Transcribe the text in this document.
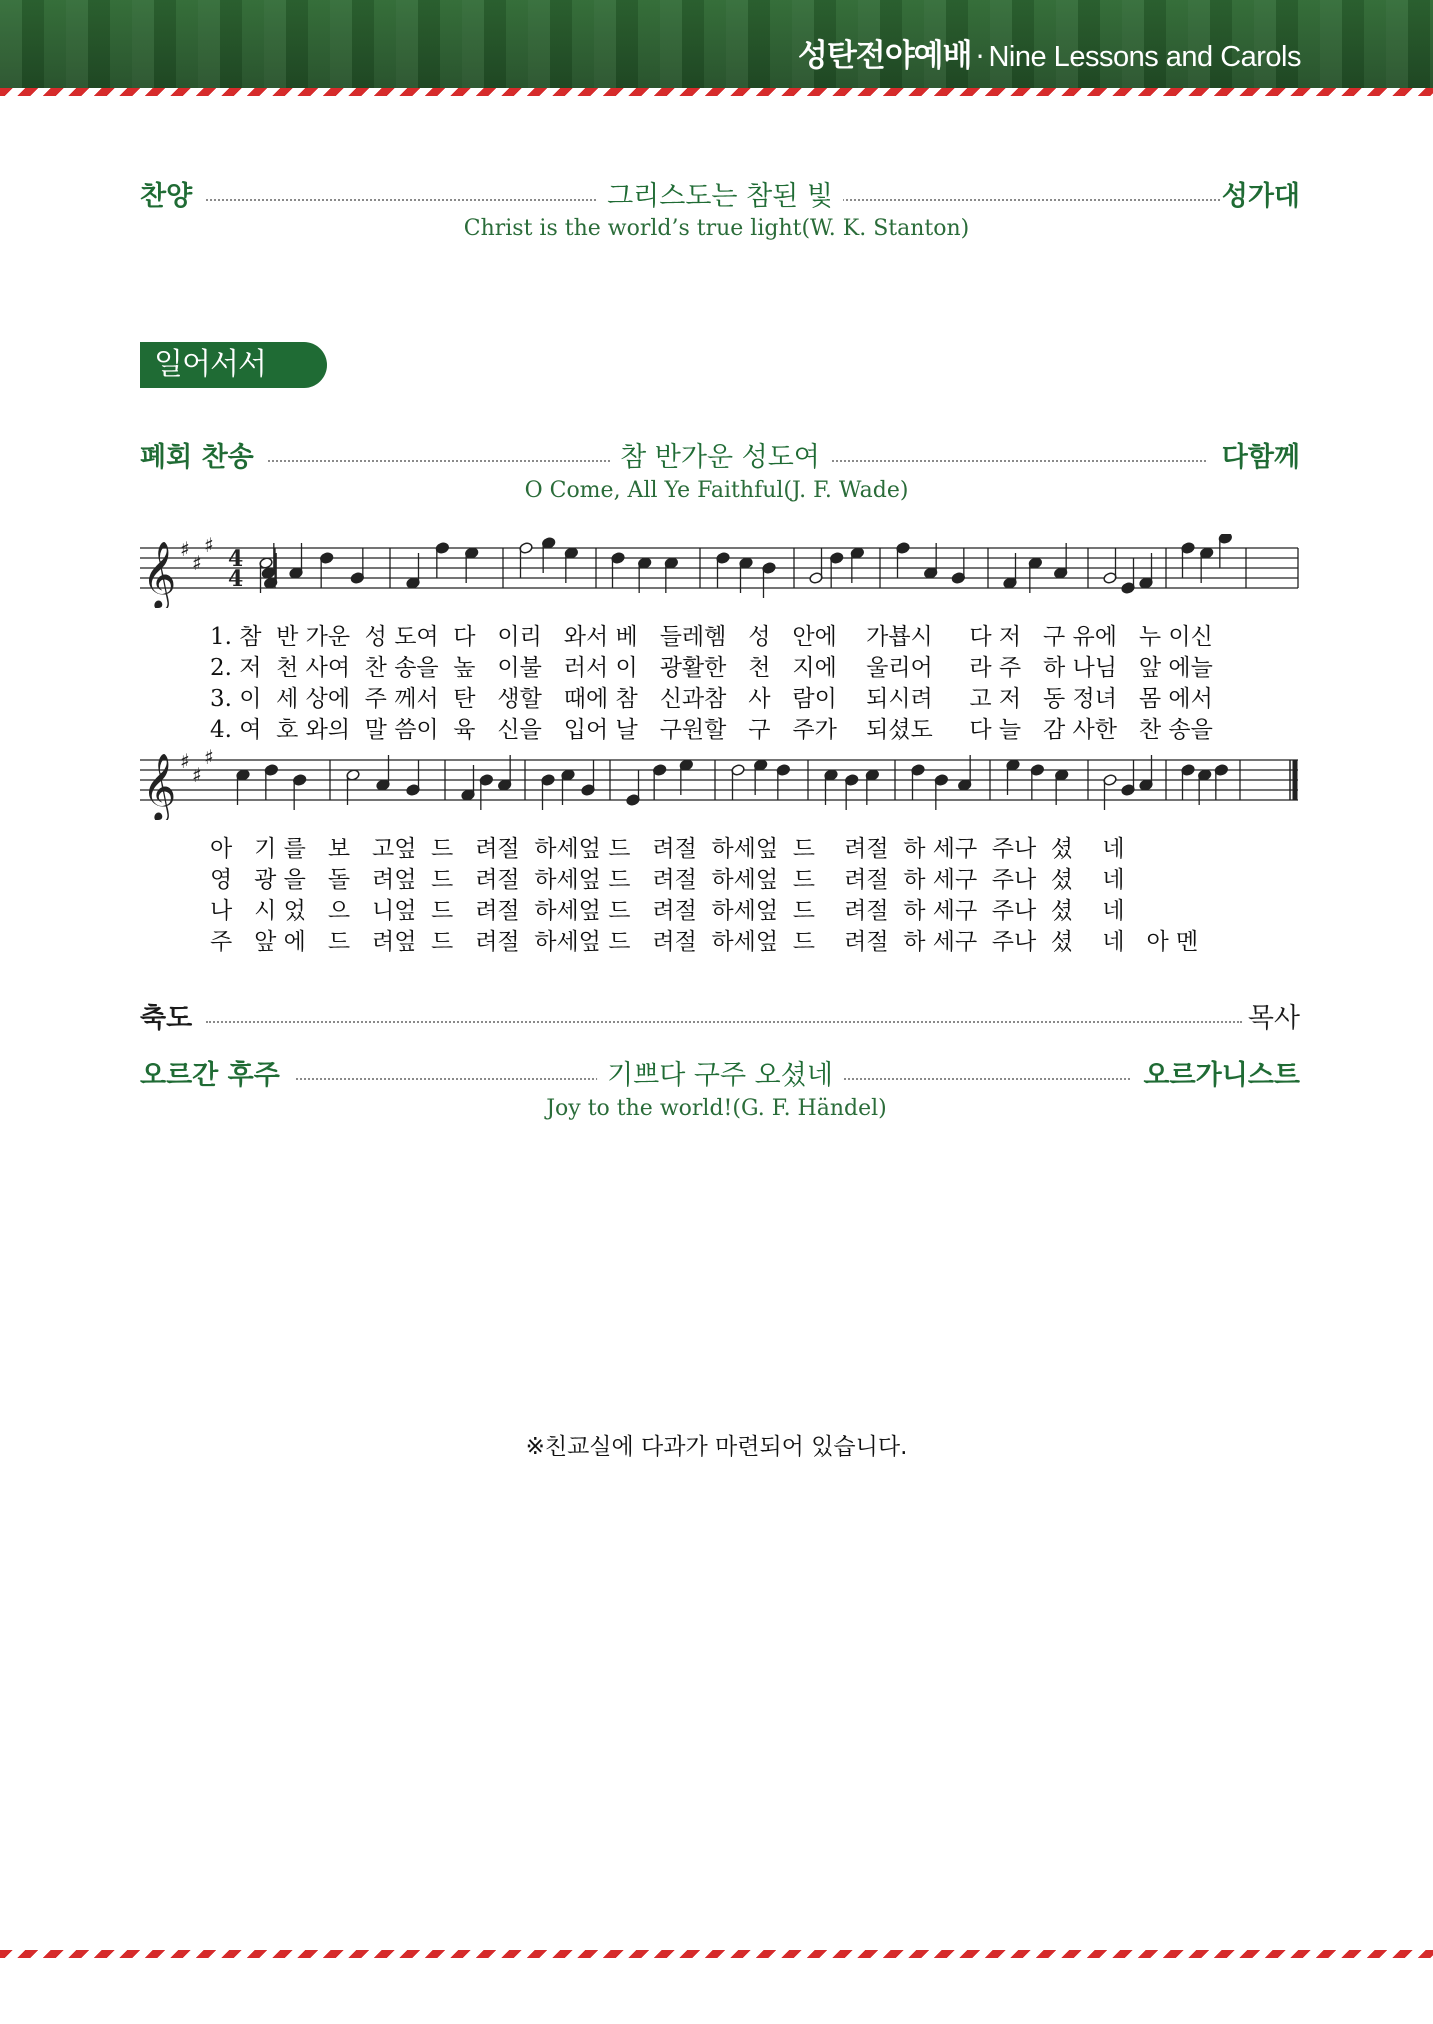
성탄전야예배 · Nine Lessons and Carols
찬양	그리스도는 참된 빛	성가대
Christ is the world’s true light(W. K. Stanton)
일어서서
폐회 찬송	참 반가운 성도여	다함께
O Come, All Ye Faithful(J. F. Wade)
𝄞 ♯
♯
♯
4
4
1. 참  반 가운  성 도여  다   이리   와서 베   들레헴   성   안에    가뵵시     다 저   구 유에   누 이신
2. 저  천 사여  찬 송을  높   이불   러서 이   광활한   천   지에    울리어     라 주   하 나님   앞 에늘
3. 이  세 상에  주 께서  탄   생할   때에 참   신과참   사   람이    되시려     고 저   동 정녀   몸 에서
4. 여  호 와의  말 씀이  육   신을   입어 날   구원할   구   주가    되셨도     다 늘   감 사한   찬 송을
𝄞 ♯
♯
♯
아   기 를   보   고엎  드   려절  하세엎 드   려절  하세엎  드    려절  하 세구  주나  셨    네
영   광 을   돌   려엎  드   려절  하세엎 드   려절  하세엎  드    려절  하 세구  주나  셨    네
나   시 었   으   니엎  드   려절  하세엎 드   려절  하세엎  드    려절  하 세구  주나  셨    네
주   앞 에   드   려엎  드   려절  하세엎 드   려절  하세엎  드    려절  하 세구  주나  셨    네   아 멘
축도	목사
오르간 후주	기쁘다 구주 오셨네	오르가니스트
Joy to the world!(G. F. Händel)
※친교실에 다과가 마련되어 있습니다.
